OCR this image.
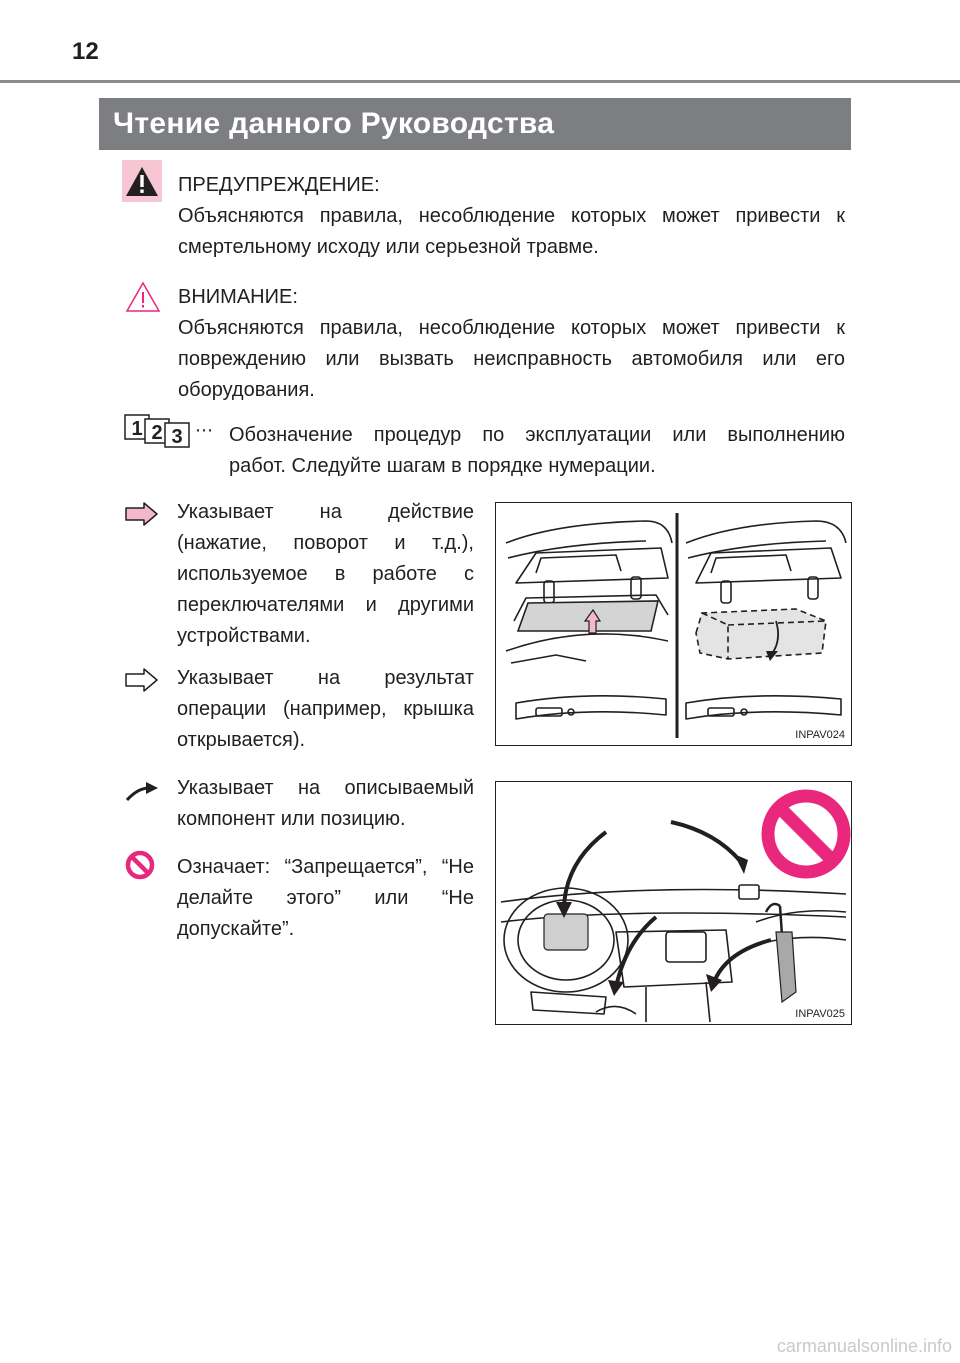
12
Чтение данного Руководства
ПРЕДУПРЕЖДЕНИЕ:
Объясняются правила, несоблюдение которых может привести к
смертельному исходу или серьезной травме.
ВНИМАНИЕ:
Объясняются правила, несоблюдение которых может привести к
повреждению или вызвать неисправность автомобиля или его
оборудования.
1 2 3 ⋯ Обозначение процедур по эксплуатации или выполнению
работ. Следуйте шагам в порядке нумерации.
Указывает на действие
(нажатие, поворот и т.д.),
используемое в работе с
переключателями и другими
устройствами.
Указывает на результат
операции (например, крышка
открывается).
Указывает на описываемый
компонент или позицию.
Означает: “Запрещается”, “Не
делайте этого” или “Не
допускайте”.
INPAV024
INPAV025
carmanualsonline.info
